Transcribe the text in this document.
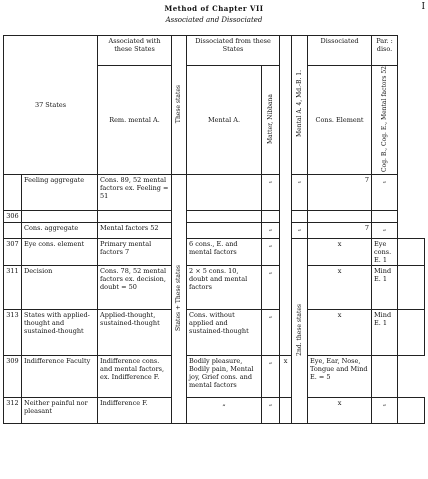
Method of Chapter VII
Associated and Dissociated
I
37 States		Associated with these States	These states	Dissociated from these States			Mental A. 4, Md.-B. 1.	Dissociated	Par. : diso.	
		Rem. mental A.		Mental A.	Matter, Nibbana			Cons. Element	Cog. B., Cog. E., Mental factors 52	
	Feeling aggregate	Cons. 89, 52 mental factors ex. Feeling = 51	States + These states		„		„	7	„	
306										
	Cons. aggregate	Mental factors 52			„		„	7	„	
307	Eye cons. element	Primary mental factors 7		6 cons., E. and mental factors	„		2nd. these states	x	Eye cons. E. 1	
311	Decision	Cons. 78, 52 mental factors ex. decision, doubt = 50		2 × 5 cons. 10, doubt and mental factors	„			x	Mind E. 1	
313	States with applied-thought and sustained-thought	Applied-thought, sustained-thought		Cons. without applied and sustained-thought	„			x	Mind E. 1	
309	Indifference Faculty	Indifference cons. and mental factors, ex. Indifference F.		Bodily pleasure, Bodily pain, Mental joy, Grief cons. and mental factors	„	x		Eye, Ear, Nose, Tongue and Mind E. = 5		
312	Neither painful nor pleasant	Indifference F.		„	„			x	„	
